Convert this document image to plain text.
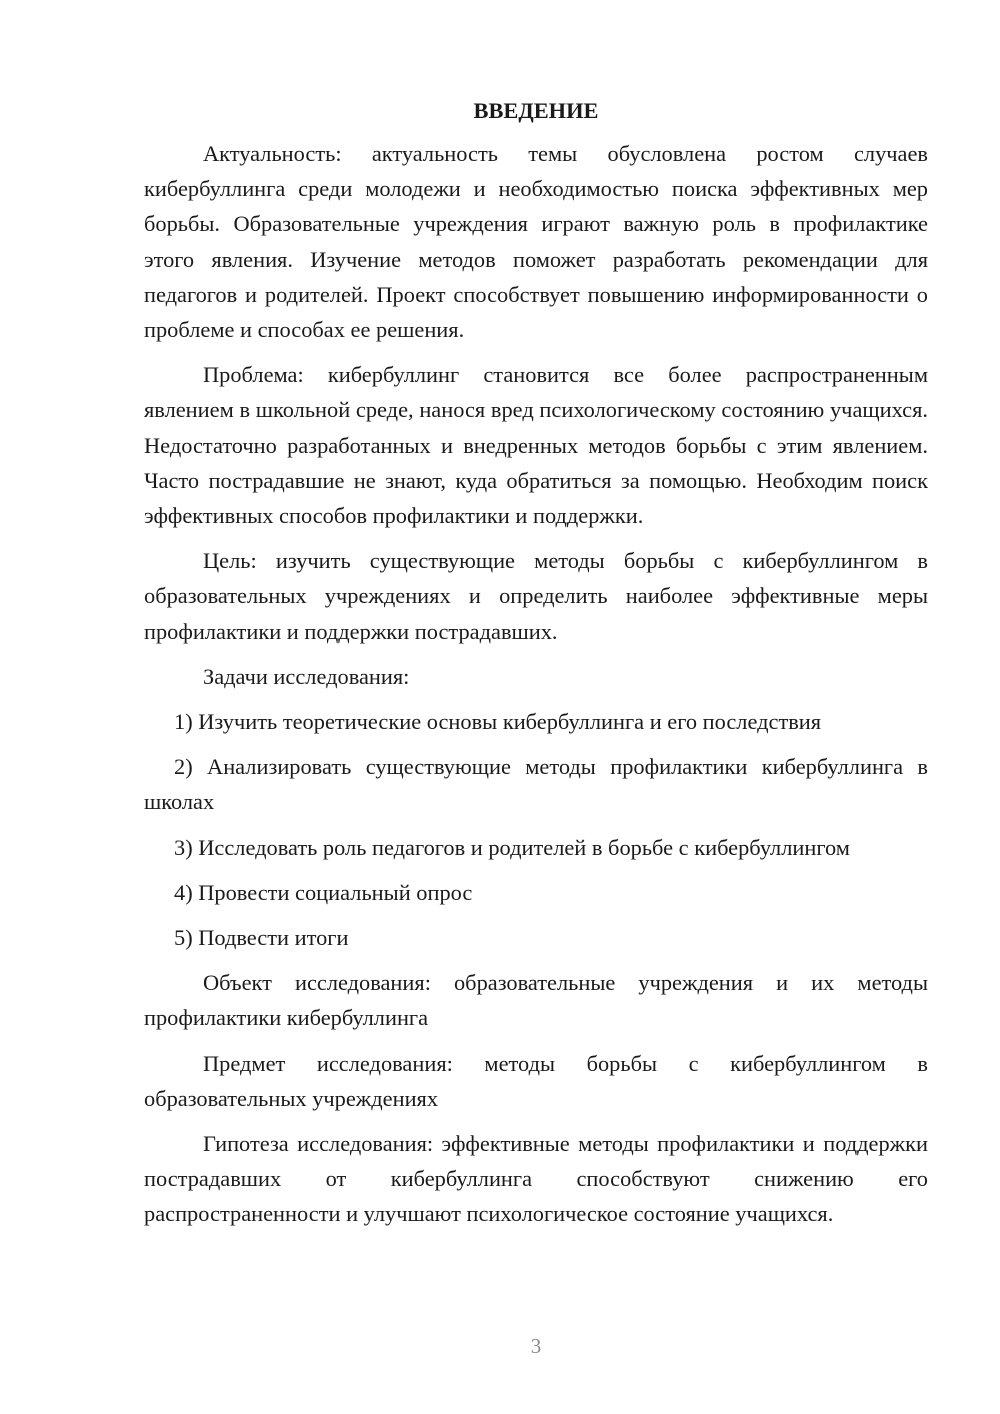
ВВЕДЕНИЕ
Актуальность: актуальность темы обусловлена ростом случаев кибербуллинга среди молодежи и необходимостью поиска эффективных мер борьбы. Образовательные учреждения играют важную роль в профилактике этого явления. Изучение методов поможет разработать рекомендации для педагогов и родителей. Проект способствует повышению информированности о проблеме и способах ее решения.
Проблема: кибербуллинг становится все более распространенным явлением в школьной среде, нанося вред психологическому состоянию учащихся. Недостаточно разработанных и внедренных методов борьбы с этим явлением. Часто пострадавшие не знают, куда обратиться за помощью. Необходим поиск эффективных способов профилактики и поддержки.
Цель: изучить существующие методы борьбы с кибербуллингом в образовательных учреждениях и определить наиболее эффективные меры профилактики и поддержки пострадавших.
Задачи исследования:
1) Изучить теоретические основы кибербуллинга и его последствия
2) Анализировать существующие методы профилактики кибербуллинга в школах
3) Исследовать роль педагогов и родителей в борьбе с кибербуллингом
4) Провести социальный опрос
5) Подвести итоги
Объект исследования: образовательные учреждения и их методы профилактики кибербуллинга
Предмет исследования: методы борьбы с кибербуллингом в образовательных учреждениях
Гипотеза исследования: эффективные методы профилактики и поддержки пострадавших от кибербуллинга способствуют снижению его распространенности и улучшают психологическое состояние учащихся.
3
